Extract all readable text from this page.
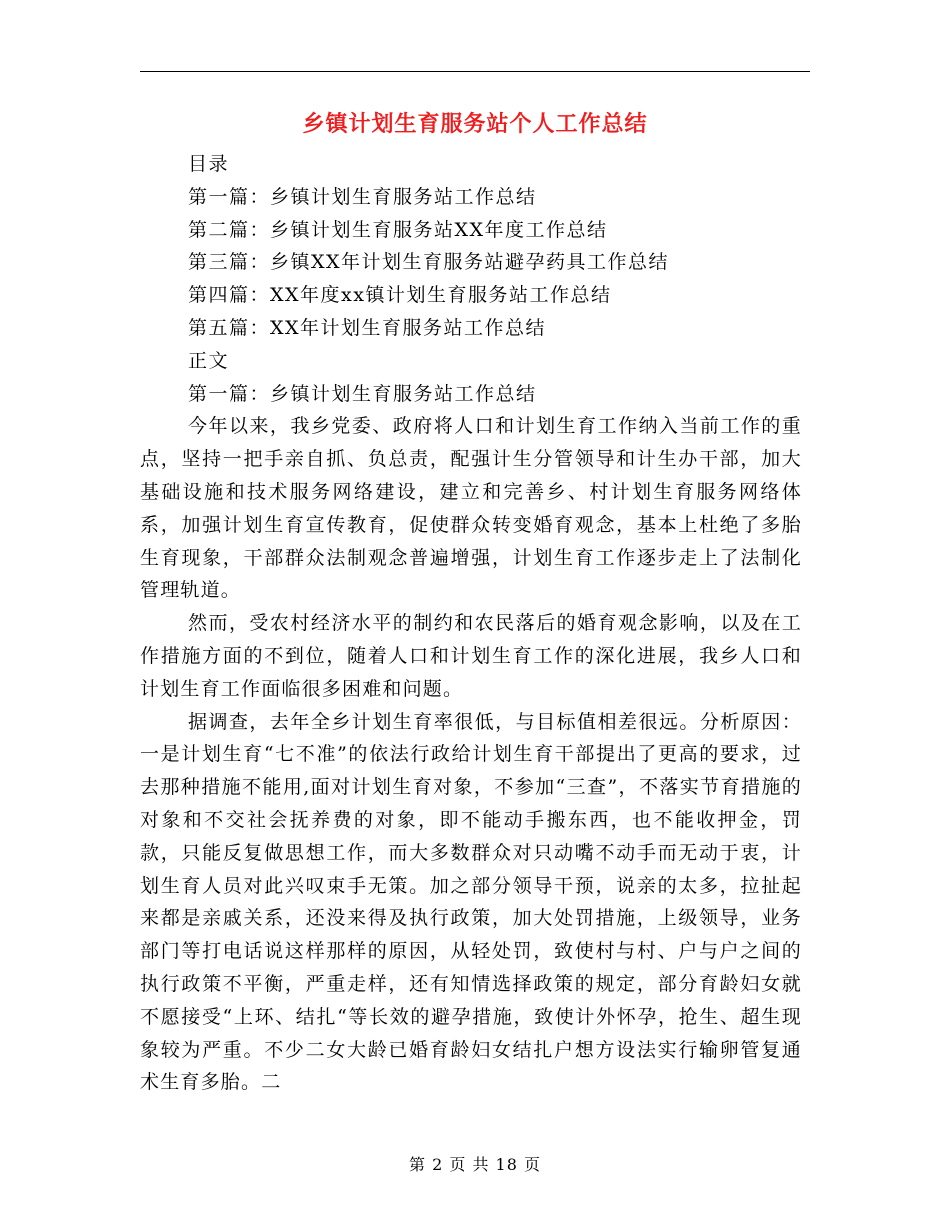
乡镇计划生育服务站个人工作总结
目录
第一篇：乡镇计划生育服务站工作总结
第二篇：乡镇计划生育服务站XX年度工作总结
第三篇：乡镇XX年计划生育服务站避孕药具工作总结
第四篇：XX年度xx镇计划生育服务站工作总结
第五篇：XX年计划生育服务站工作总结
正文
第一篇：乡镇计划生育服务站工作总结

今年以来，我乡党委、政府将人口和计划生育工作纳入当前工作的重点，坚持一把手亲自抓、负总责，配强计生分管领导和计生办干部，加大基础设施和技术服务网络建设，建立和完善乡、村计划生育服务网络体系，加强计划生育宣传教育，促使群众转变婚育观念，基本上杜绝了多胎生育现象，干部群众法制观念普遍增强，计划生育工作逐步走上了法制化管理轨道。

然而，受农村经济水平的制约和农民落后的婚育观念影响，以及在工作措施方面的不到位，随着人口和计划生育工作的深化进展，我乡人口和计划生育工作面临很多困难和问题。

据调查，去年全乡计划生育率很低，与目标值相差很远。分析原因：一是计划生育“七不准”的依法行政给计划生育干部提出了更高的要求，过去那种措施不能用,面对计划生育对象，不参加“三查”，不落实节育措施的对象和不交社会抚养费的对象，即不能动手搬东西，也不能收押金，罚款，只能反复做思想工作，而大多数群众对只动嘴不动手而无动于衷，计划生育人员对此兴叹束手无策。加之部分领导干预，说亲的太多，拉扯起来都是亲戚关系，还没来得及执行政策，加大处罚措施，上级领导，业务部门等打电话说这样那样的原因，从轻处罚，致使村与村、户与户之间的执行政策不平衡，严重走样，还有知情选择政策的规定，部分育龄妇女就不愿接受“上环、结扎“等长效的避孕措施，致使计外怀孕，抢生、超生现象较为严重。不少二女大龄已婚育龄妇女结扎户想方设法实行输卵管复通术生育多胎。二

第 2 页 共 18 页
